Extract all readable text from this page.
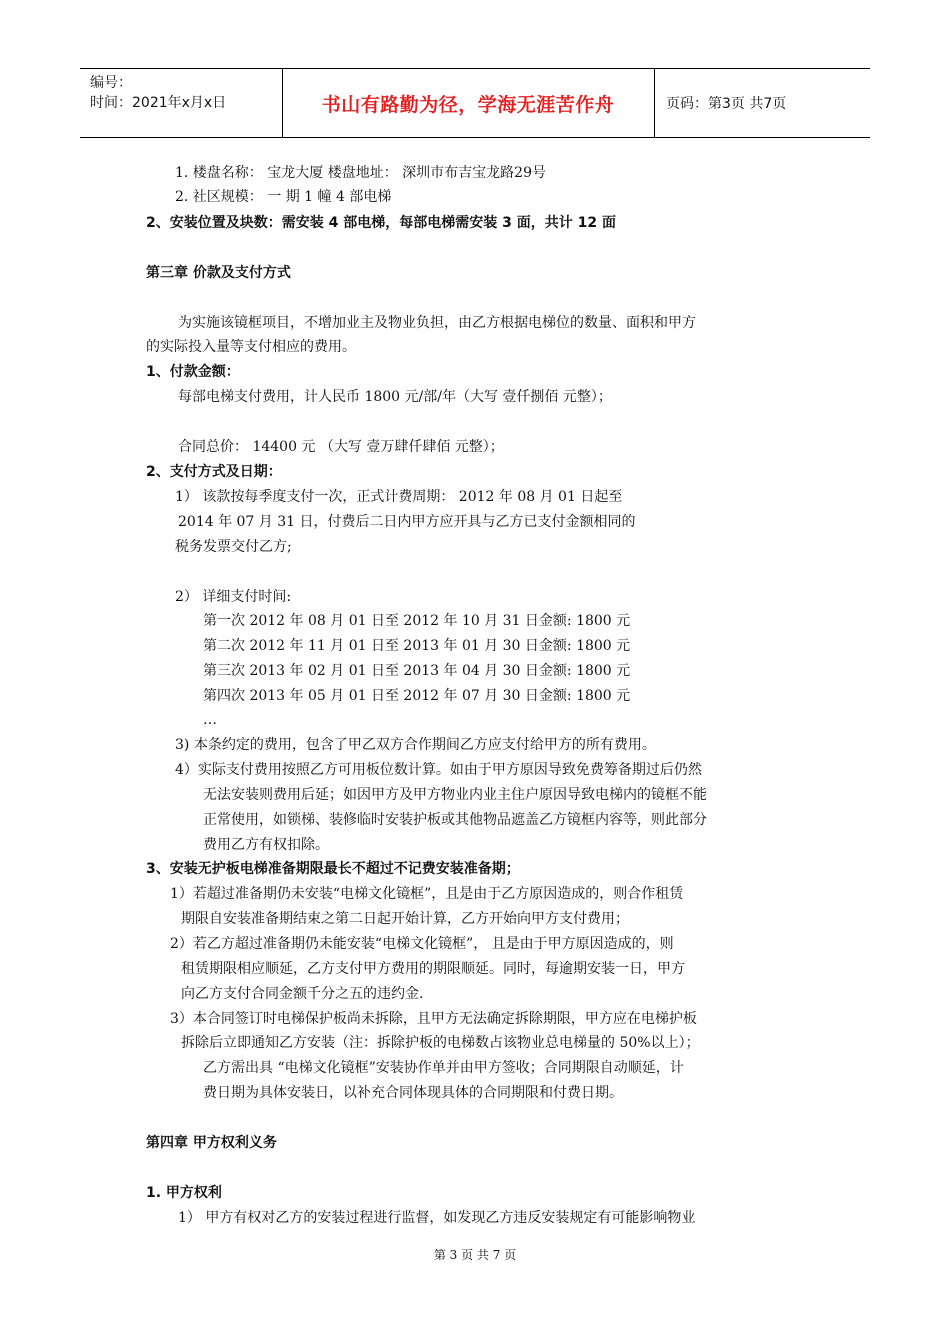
编号：
时间：2021年x月x日	书山有路勤为径，学海无涯苦作舟	页码：第3页 共7页
1. 楼盘名称： 宝龙大厦 楼盘地址： 深圳市布吉宝龙路29号
2. 社区规模： 一 期 1 幢 4 部电梯
2、安装位置及块数：需安装 4 部电梯，每部电梯需安装 3 面，共计 12 面
第三章 价款及支付方式
为实施该镜框项目，不增加业主及物业负担，由乙方根据电梯位的数量、面积和甲方
的实际投入量等支付相应的费用。
1、付款金额：
每部电梯支付费用，计人民币 1800 元/部/年（大写 壹仟捌佰 元整）；
合同总价： 14400 元 （大写 壹万肆仟肆佰 元整）；
2、支付方式及日期：
1） 该款按每季度支付一次，正式计费周期： 2012 年 08 月 01 日起至
2014 年 07 月 31 日，付费后二日内甲方应开具与乙方已支付金额相同的
税务发票交付乙方;
2） 详细支付时间:
第一次 2012 年 08 月 01 日至 2012 年 10 月 31 日金额: 1800 元
第二次 2012 年 11 月 01 日至 2013 年 01 月 30 日金额: 1800 元
第三次 2013 年 02 月 01 日至 2013 年 04 月 30 日金额: 1800 元
第四次 2013 年 05 月 01 日至 2012 年 07 月 30 日金额: 1800 元
…
3) 本条约定的费用，包含了甲乙双方合作期间乙方应支付给甲方的所有费用。
4）实际支付费用按照乙方可用板位数计算。如由于甲方原因导致免费筹备期过后仍然
无法安装则费用后延；如因甲方及甲方物业内业主住户原因导致电梯内的镜框不能
正常使用，如锁梯、装修临时安装护板或其他物品遮盖乙方镜框内容等，则此部分
费用乙方有权扣除。
3、安装无护板电梯准备期限最长不超过不记费安装准备期；
1）若超过准备期仍未安装“电梯文化镜框”，且是由于乙方原因造成的，则合作租赁
期限自安装准备期结束之第二日起开始计算，乙方开始向甲方支付费用；
2）若乙方超过准备期仍未能安装“电梯文化镜框”， 且是由于甲方原因造成的，则
租赁期限相应顺延，乙方支付甲方费用的期限顺延。同时，每逾期安装一日，甲方
向乙方支付合同金额千分之五的违约金.
3）本合同签订时电梯保护板尚未拆除，且甲方无法确定拆除期限，甲方应在电梯护板
拆除后立即通知乙方安装（注：拆除护板的电梯数占该物业总电梯量的 50%以上）；
乙方需出具 “电梯文化镜框”安装协作单并由甲方签收；合同期限自动顺延，计
费日期为具体安装日，以补充合同体现具体的合同期限和付费日期。
第四章 甲方权利义务
1. 甲方权利
1） 甲方有权对乙方的安装过程进行监督，如发现乙方违反安装规定有可能影响物业
第 3 页 共 7 页
